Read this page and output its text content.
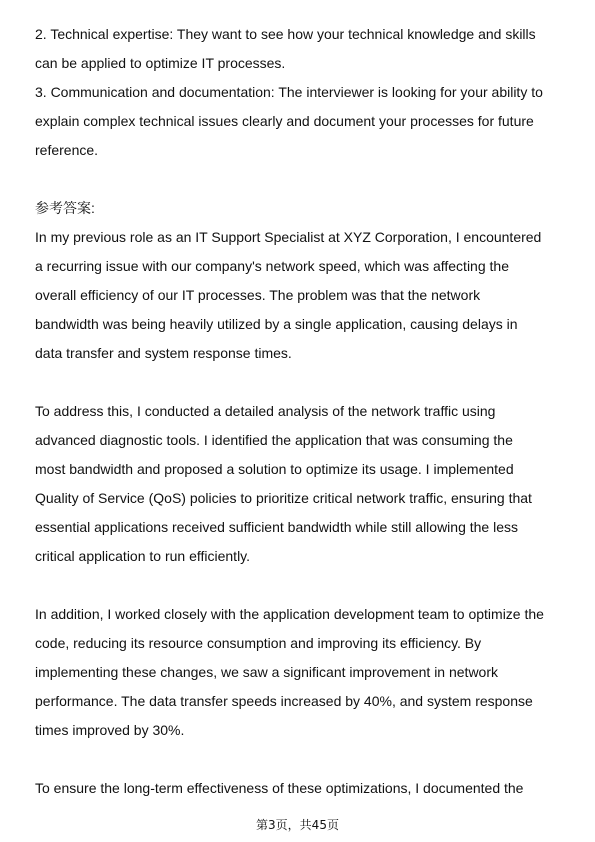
2. Technical expertise: They want to see how your technical knowledge and skills
can be applied to optimize IT processes.
3. Communication and documentation: The interviewer is looking for your ability to
explain complex technical issues clearly and document your processes for future
reference.
参考答案:
In my previous role as an IT Support Specialist at XYZ Corporation, I encountered
a recurring issue with our company's network speed, which was affecting the
overall efficiency of our IT processes. The problem was that the network
bandwidth was being heavily utilized by a single application, causing delays in
data transfer and system response times.
To address this, I conducted a detailed analysis of the network traffic using
advanced diagnostic tools. I identified the application that was consuming the
most bandwidth and proposed a solution to optimize its usage. I implemented
Quality of Service (QoS) policies to prioritize critical network traffic, ensuring that
essential applications received sufficient bandwidth while still allowing the less
critical application to run efficiently.
In addition, I worked closely with the application development team to optimize the
code, reducing its resource consumption and improving its efficiency. By
implementing these changes, we saw a significant improvement in network
performance. The data transfer speeds increased by 40%, and system response
times improved by 30%.
To ensure the long-term effectiveness of these optimizations, I documented the
第3页，共45页
